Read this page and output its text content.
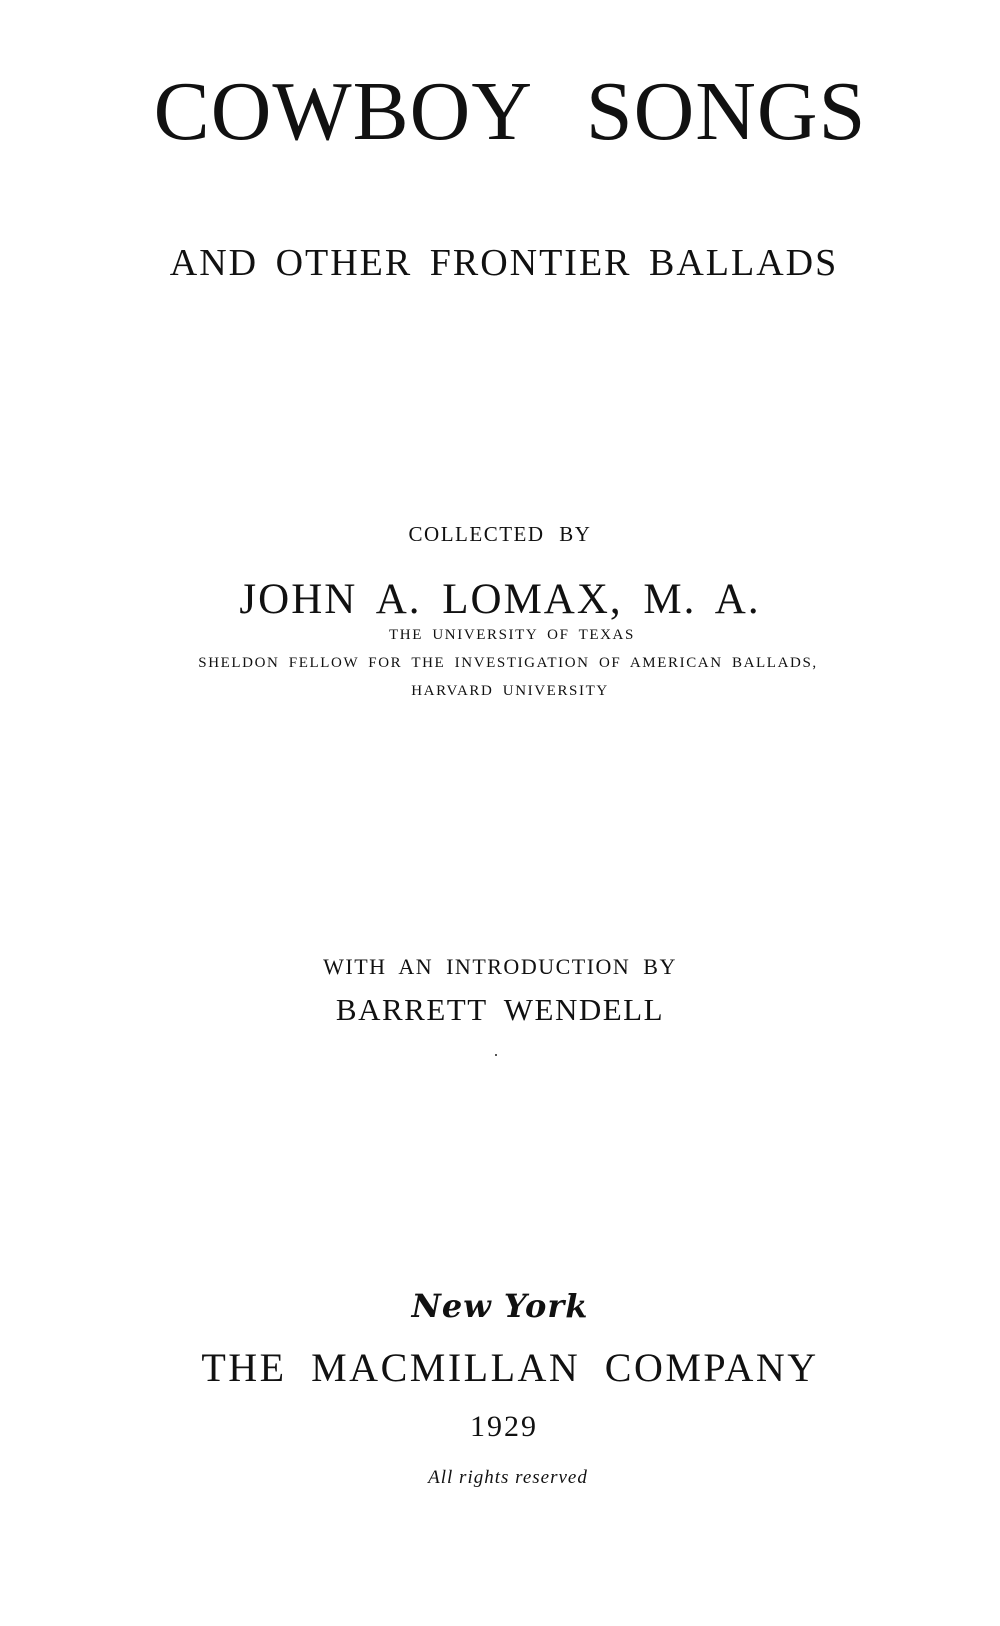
COWBOY SONGS
AND OTHER FRONTIER BALLADS
COLLECTED BY
JOHN A. LOMAX, M. A.
THE UNIVERSITY OF TEXAS
SHELDON FELLOW FOR THE INVESTIGATION OF AMERICAN BALLADS,
HARVARD UNIVERSITY
WITH AN INTRODUCTION BY
BARRETT WENDELL
New York
THE MACMILLAN COMPANY
1929
All rights reserved
